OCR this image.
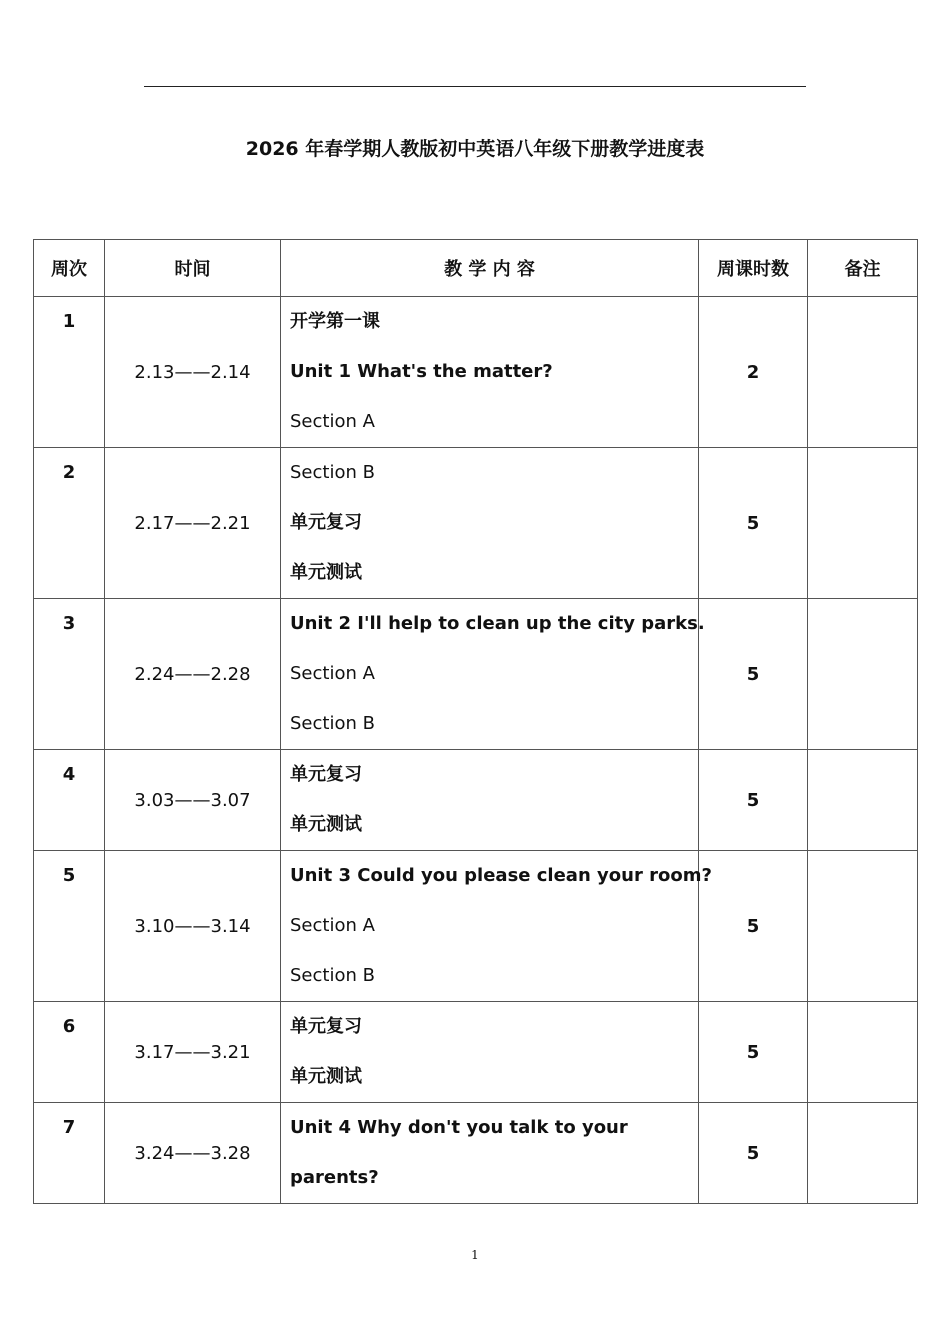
2026 年春学期人教版初中英语八年级下册教学进度表
周次	时间	教 学 内 容	周课时数	备注
1	2.13——2.14	开学第一课
Unit 1 What's the matter?
Section A	2	
2	2.17——2.21	Section B
单元复习
单元测试	5	
3	2.24——2.28	Unit 2 I'll help to clean up the city parks.
Section A
Section B	5	
4	3.03——3.07	单元复习
单元测试	5	
5	3.10——3.14	Unit 3 Could you please clean your room?
Section A
Section B	5	
6	3.17——3.21	单元复习
单元测试	5	
7	3.24——3.28	Unit 4 Why don't you talk to your
parents?	5	
1
